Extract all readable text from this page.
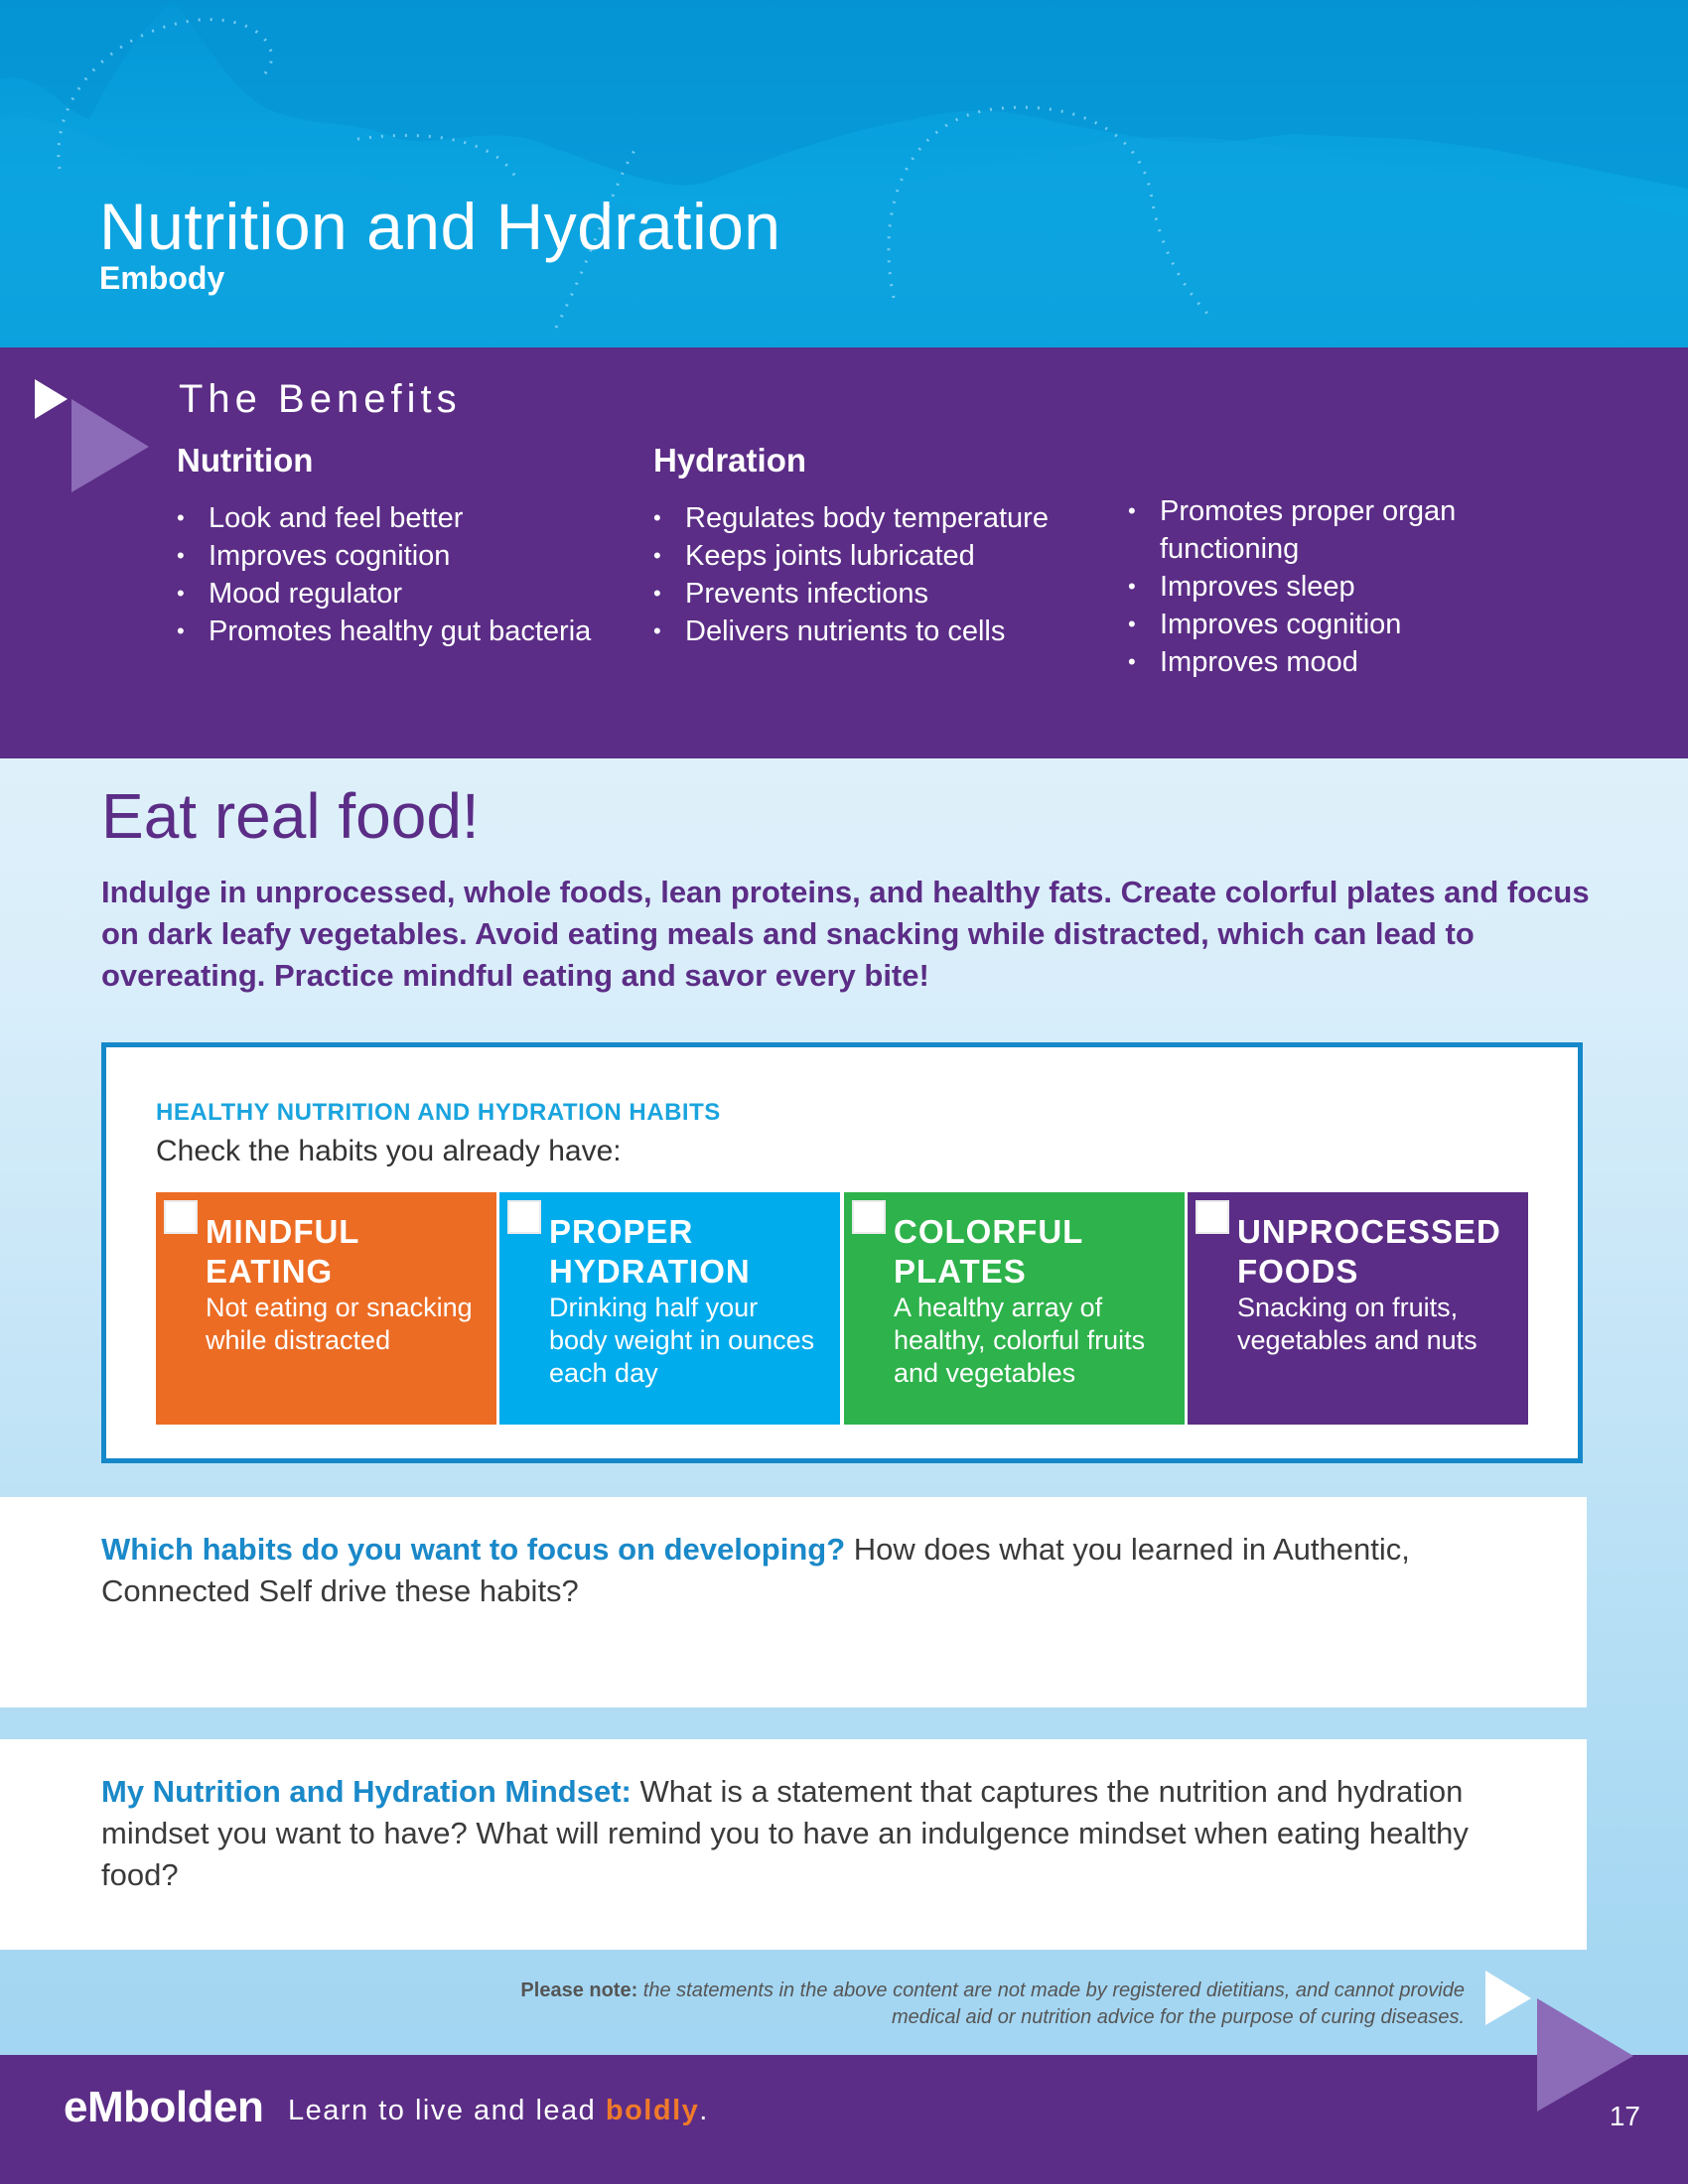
Nutrition and Hydration
Embody
The Benefits
Nutrition
• Look and feel better
• Improves cognition
• Mood regulator
• Promotes healthy gut bacteria
Hydration
• Regulates body temperature
• Keeps joints lubricated
• Prevents infections
• Delivers nutrients to cells
• Promotes proper organ functioning
• Improves sleep
• Improves cognition
• Improves mood
Eat real food!

Indulge in unprocessed, whole foods, lean proteins, and healthy fats. Create colorful plates and focus on dark leafy vegetables. Avoid eating meals and snacking while distracted, which can lead to overeating. Practice mindful eating and savor every bite!

HEALTHY NUTRITION AND HYDRATION HABITS

Check the habits you already have:

MINDFUL EATING
Not eating or snacking while distracted
PROPER HYDRATION
Drinking half your body weight in ounces each day
COLORFUL PLATES
A healthy array of healthy, colorful fruits and vegetables
UNPROCESSED FOODS
Snacking on fruits, vegetables and nuts

Which habits do you want to focus on developing? How does what you learned in Authentic, Connected Self drive these habits?

My Nutrition and Hydration Mindset: What is a statement that captures the nutrition and hydration mindset you want to have? What will remind you to have an indulgence mindset when eating healthy food?

Please note: the statements in the above content are not made by registered dietitians, and cannot provide medical aid or nutrition advice for the purpose of curing diseases.

eMbolden Learn to live and lead boldly.	17
